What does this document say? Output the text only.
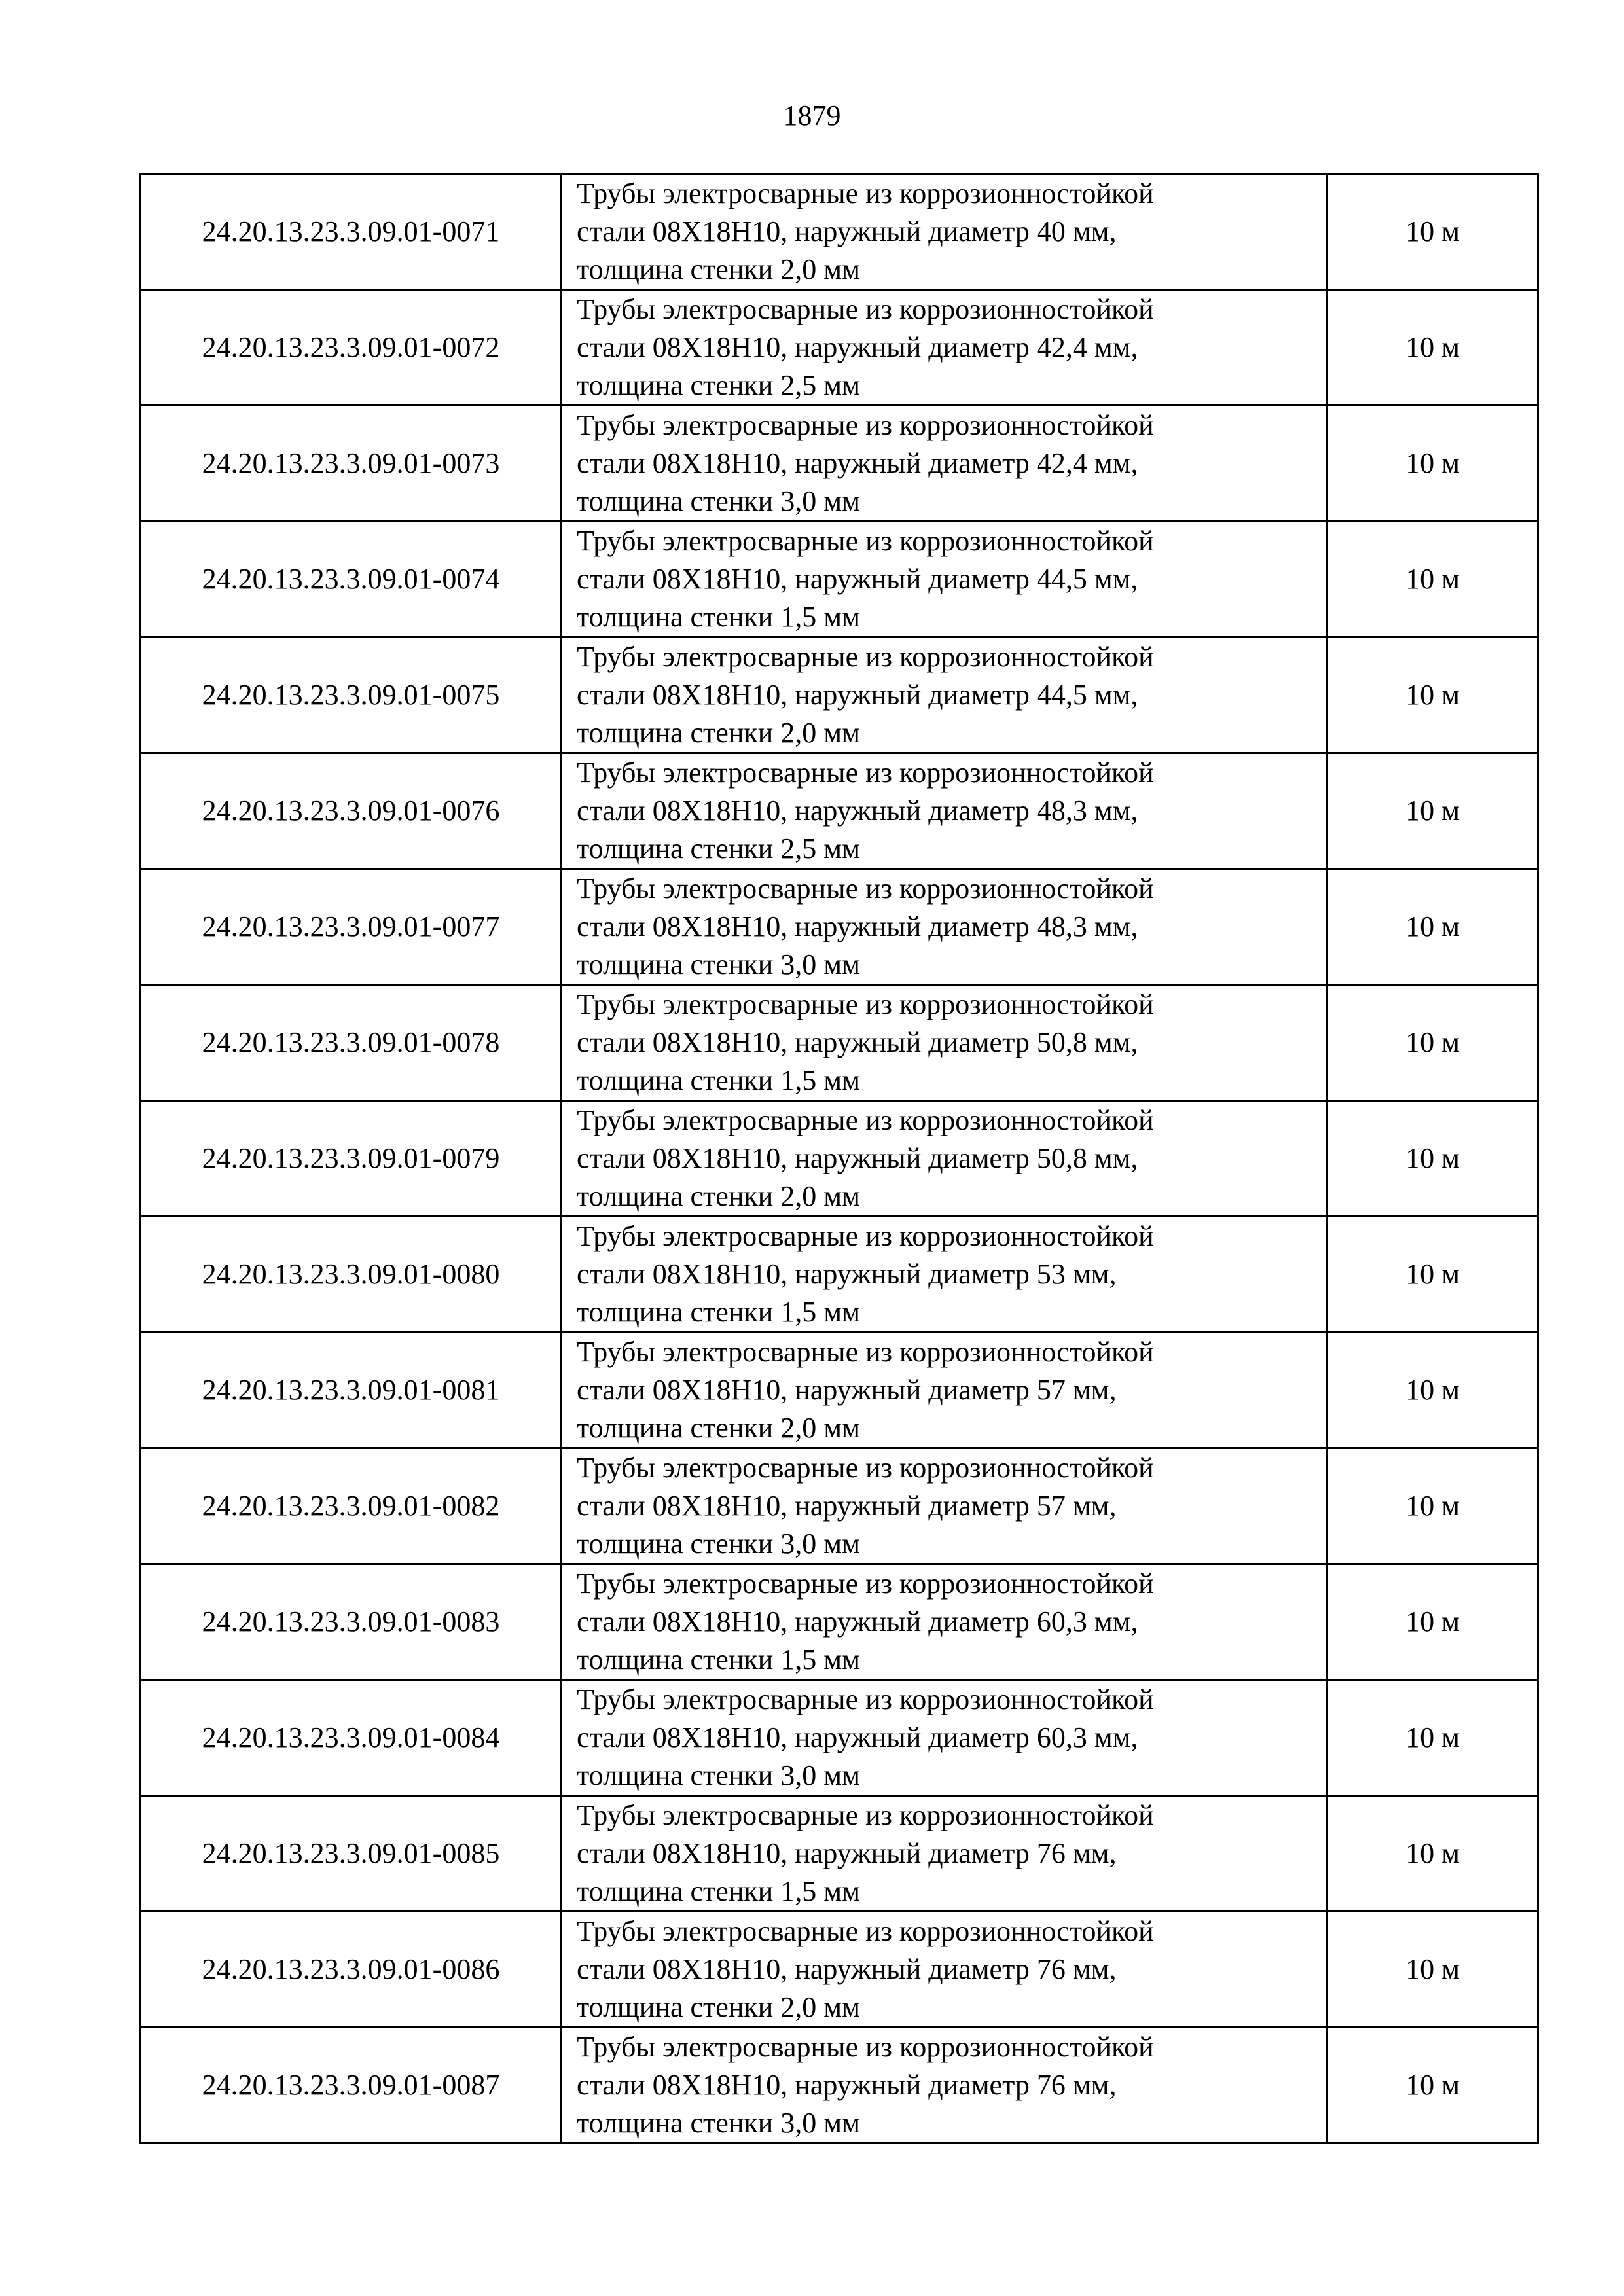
1879
24.20.13.23.3.09.01-0071	Трубы электросварные из коррозионностойкой
стали 08Х18Н10, наружный диаметр 40 мм,
толщина стенки 2,0 мм	10 м
24.20.13.23.3.09.01-0072	Трубы электросварные из коррозионностойкой
стали 08Х18Н10, наружный диаметр 42,4 мм,
толщина стенки 2,5 мм	10 м
24.20.13.23.3.09.01-0073	Трубы электросварные из коррозионностойкой
стали 08Х18Н10, наружный диаметр 42,4 мм,
толщина стенки 3,0 мм	10 м
24.20.13.23.3.09.01-0074	Трубы электросварные из коррозионностойкой
стали 08Х18Н10, наружный диаметр 44,5 мм,
толщина стенки 1,5 мм	10 м
24.20.13.23.3.09.01-0075	Трубы электросварные из коррозионностойкой
стали 08Х18Н10, наружный диаметр 44,5 мм,
толщина стенки 2,0 мм	10 м
24.20.13.23.3.09.01-0076	Трубы электросварные из коррозионностойкой
стали 08Х18Н10, наружный диаметр 48,3 мм,
толщина стенки 2,5 мм	10 м
24.20.13.23.3.09.01-0077	Трубы электросварные из коррозионностойкой
стали 08Х18Н10, наружный диаметр 48,3 мм,
толщина стенки 3,0 мм	10 м
24.20.13.23.3.09.01-0078	Трубы электросварные из коррозионностойкой
стали 08Х18Н10, наружный диаметр 50,8 мм,
толщина стенки 1,5 мм	10 м
24.20.13.23.3.09.01-0079	Трубы электросварные из коррозионностойкой
стали 08Х18Н10, наружный диаметр 50,8 мм,
толщина стенки 2,0 мм	10 м
24.20.13.23.3.09.01-0080	Трубы электросварные из коррозионностойкой
стали 08Х18Н10, наружный диаметр 53 мм,
толщина стенки 1,5 мм	10 м
24.20.13.23.3.09.01-0081	Трубы электросварные из коррозионностойкой
стали 08Х18Н10, наружный диаметр 57 мм,
толщина стенки 2,0 мм	10 м
24.20.13.23.3.09.01-0082	Трубы электросварные из коррозионностойкой
стали 08Х18Н10, наружный диаметр 57 мм,
толщина стенки 3,0 мм	10 м
24.20.13.23.3.09.01-0083	Трубы электросварные из коррозионностойкой
стали 08Х18Н10, наружный диаметр 60,3 мм,
толщина стенки 1,5 мм	10 м
24.20.13.23.3.09.01-0084	Трубы электросварные из коррозионностойкой
стали 08Х18Н10, наружный диаметр 60,3 мм,
толщина стенки 3,0 мм	10 м
24.20.13.23.3.09.01-0085	Трубы электросварные из коррозионностойкой
стали 08Х18Н10, наружный диаметр 76 мм,
толщина стенки 1,5 мм	10 м
24.20.13.23.3.09.01-0086	Трубы электросварные из коррозионностойкой
стали 08Х18Н10, наружный диаметр 76 мм,
толщина стенки 2,0 мм	10 м
24.20.13.23.3.09.01-0087	Трубы электросварные из коррозионностойкой
стали 08Х18Н10, наружный диаметр 76 мм,
толщина стенки 3,0 мм	10 м
